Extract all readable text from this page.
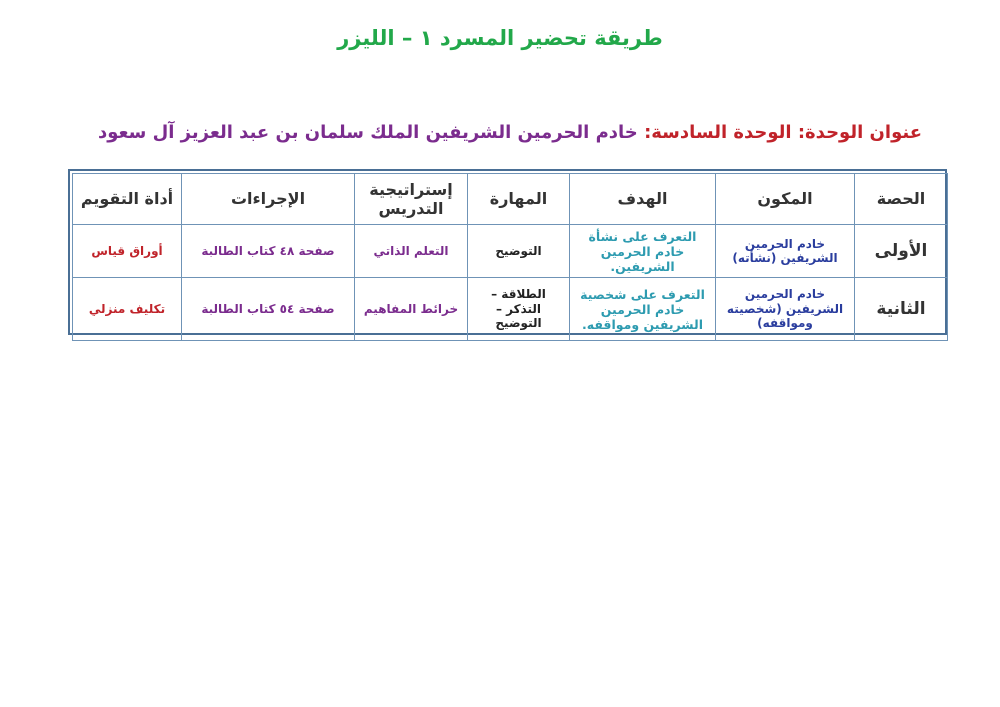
طريقة تحضير المسرد ١ – الليزر
عنوان الوحدة: الوحدة السادسة: خادم الحرمين الشريفين الملك سلمان بن عبد العزيز آل سعود
الحصة	المكون	الهدف	المهارة	إستراتيجية التدريس	الإجراءات	أداة التقويم
الأولى	خادم الحرمين الشريفين (نشأته)	التعرف على نشأة خادم الحرمين الشريفين.	التوضيح	التعلم الذاتي	صفحة ٤٨ كتاب الطالبة	أوراق قياس
الثانية	خادم الحرمين الشريفين (شخصيته ومواقفه)	التعرف على شخصية خادم الحرمين الشريفين ومواقفه.	الطلاقة – التذكر – التوضيح	خرائط المفاهيم	صفحة ٥٤ كتاب الطالبة	تكليف منزلي
